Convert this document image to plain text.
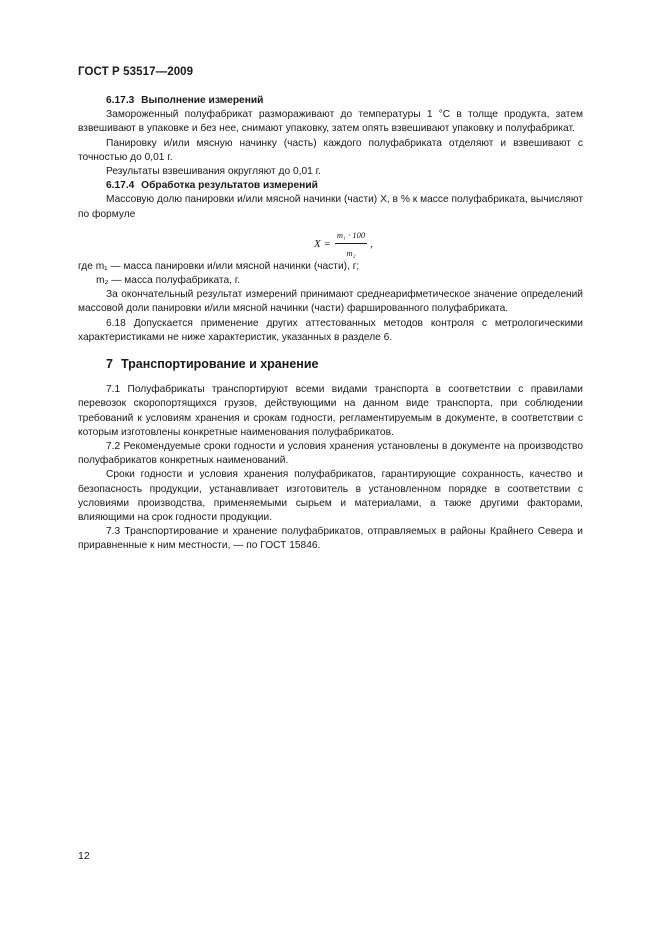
ГОСТ Р 53517—2009

6.17.3 Выполнение измерений

Замороженный полуфабрикат размораживают до температуры 1 °С в толще продукта, затем взвешивают в упаковке и без нее, снимают упаковку, затем опять взвешивают упаковку и полуфабрикат.

Панировку и/или мясную начинку (часть) каждого полуфабриката отделяют и взвешивают с точностью до 0,01 г.

Результаты взвешивания округляют до 0,01 г.

6.17.4 Обработка результатов измерений

Массовую долю панировки и/или мясной начинки (части) X, в % к массе полуфабриката, вычисляют по формуле

$X = \frac{\text{m₁ · 100}}{\text{m₂}}$ ,

где m₁ — масса панировки и/или мясной начинки (части), г;

m₂ — масса полуфабриката, г.

За окончательный результат измерений принимают среднеарифметическое значение определений массовой доли панировки и/или мясной начинки (части) фаршированного полуфабриката.

6.18 Допускается применение других аттестованных методов контроля с метрологическими характеристиками не ниже характеристик, указанных в разделе 6.

7 Транспортирование и хранение

7.1 Полуфабрикаты транспортируют всеми видами транспорта в соответствии с правилами перевозок скоропортящихся грузов, действующими на данном виде транспорта, при соблюдении требований к условиям хранения и срокам годности, регламентируемым в документе, в соответствии с которым изготовлены конкретные наименования полуфабрикатов.

7.2 Рекомендуемые сроки годности и условия хранения установлены в документе на производство полуфабрикатов конкретных наименований.

Сроки годности и условия хранения полуфабрикатов, гарантирующие сохранность, качество и безопасность продукции, устанавливает изготовитель в установленном порядке в соответствии с условиями производства, применяемыми сырьем и материалами, а также другими факторами, влияющими на срок годности продукции.

7.3 Транспортирование и хранение полуфабрикатов, отправляемых в районы Крайнего Севера и приравненные к ним местности, — по ГОСТ 15846.

12
